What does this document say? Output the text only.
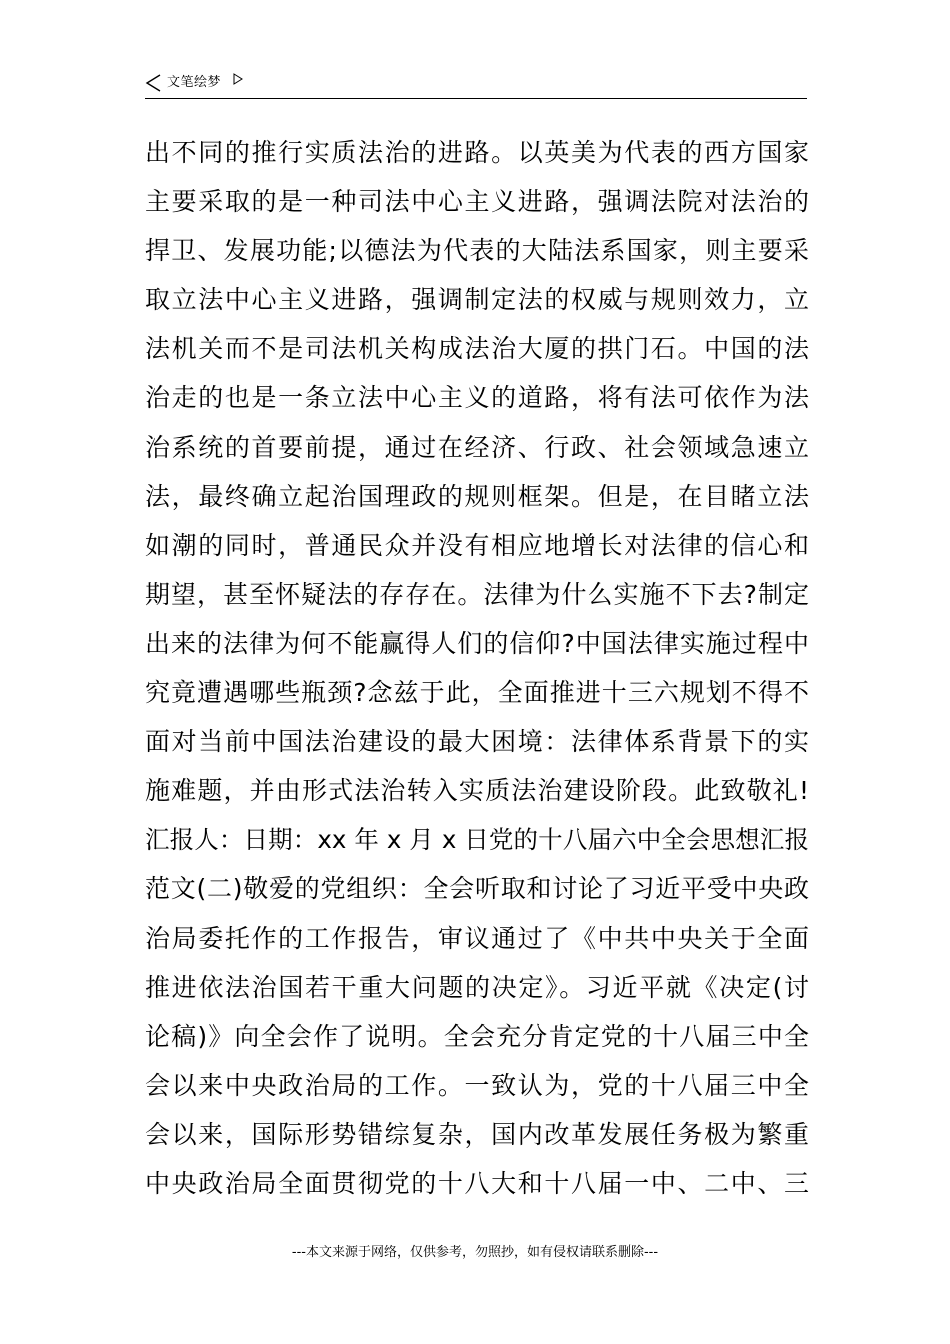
文笔绘梦
出不同的推行实质法治的进路。以英美为代表的西方国家
主要采取的是一种司法中心主义进路，强调法院对法治的
捍卫、发展功能;以德法为代表的大陆法系国家，则主要采
取立法中心主义进路，强调制定法的权威与规则效力，立
法机关而不是司法机关构成法治大厦的拱门石。中国的法
治走的也是一条立法中心主义的道路，将有法可依作为法
治系统的首要前提，通过在经济、行政、社会领域急速立
法，最终确立起治国理政的规则框架。但是，在目睹立法
如潮的同时，普通民众并没有相应地增长对法律的信心和
期望，甚至怀疑法的存存在。法律为什么实施不下去?制定
出来的法律为何不能赢得人们的信仰?中国法律实施过程中
究竟遭遇哪些瓶颈?念兹于此，全面推进十三六规划不得不
面对当前中国法治建设的最大困境：法律体系背景下的实
施难题，并由形式法治转入实质法治建设阶段。此致敬礼!
汇报人：日期：xx 年 x 月 x 日党的十八届六中全会思想汇报
范文(二)敬爱的党组织：全会听取和讨论了习近平受中央政
治局委托作的工作报告，审议通过了《中共中央关于全面
推进依法治国若干重大问题的决定》。习近平就《决定(讨
论稿)》向全会作了说明。全会充分肯定党的十八届三中全
会以来中央政治局的工作。一致认为，党的十八届三中全
会以来，国际形势错综复杂，国内改革发展任务极为繁重
中央政治局全面贯彻党的十八大和十八届一中、二中、三
---本文来源于网络，仅供参考，勿照抄，如有侵权请联系删除---
